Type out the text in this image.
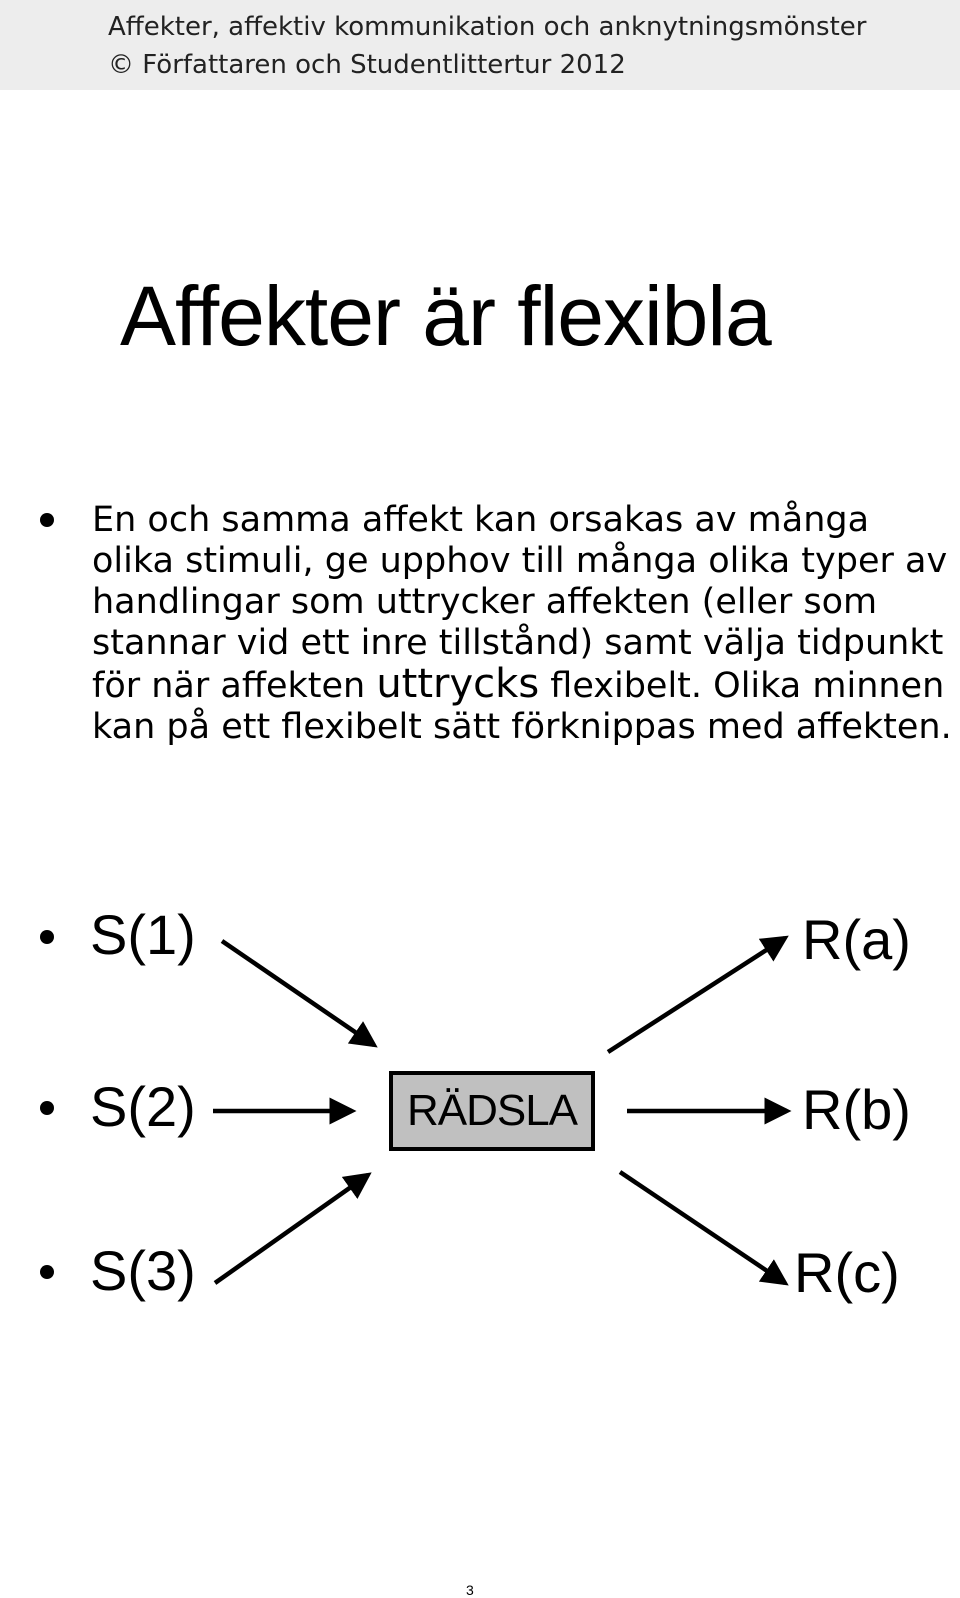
Affekter, affektiv kommunikation och anknytningsmönster
© Författaren och Studentlittertur 2012
Affekter är flexibla
En och samma affekt kan orsakas av många olika stimuli, ge upphov till många olika typer av handlingar som uttrycker affekten (eller som stannar vid ett inre tillstånd) samt välja tidpunkt för när affekten uttrycks flexibelt. Olika minnen kan på ett flexibelt sätt förknippas med affekten.
S(1)
S(2)
S(3)
R(a)
R(b)
R(c)
RÄDSLA
3
